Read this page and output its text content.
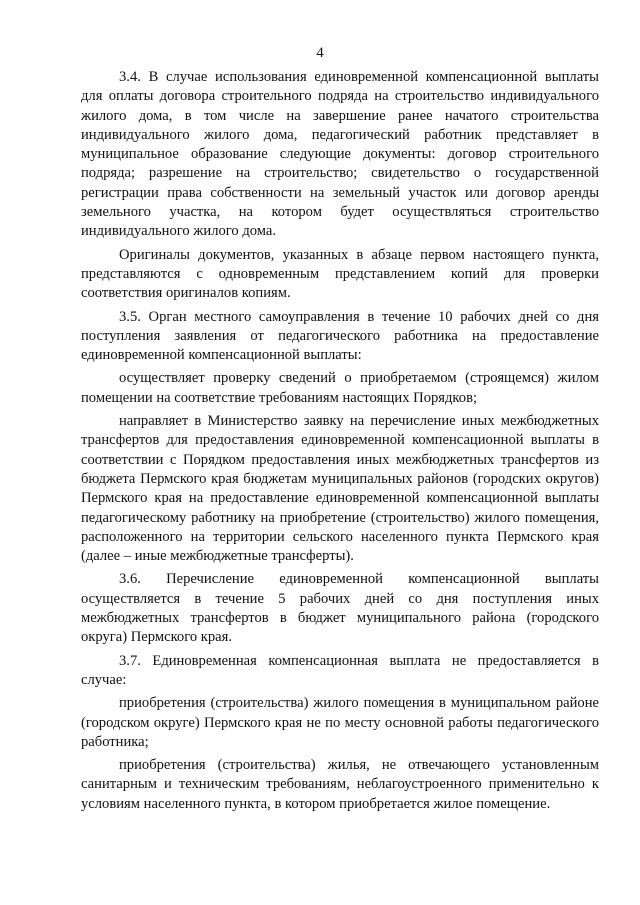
4

3.4. В случае использования единовременной компенсационной выплаты для оплаты договора строительного подряда на строительство индивидуального жилого дома, в том числе на завершение ранее начатого строительства индивидуального жилого дома, педагогический работник представляет в муниципальное образование следующие документы: договор строительного подряда; разрешение на строительство; свидетельство о государственной регистрации права собственности на земельный участок или договор аренды земельного участка, на котором будет осуществляться строительство индивидуального жилого дома.

Оригиналы документов, указанных в абзаце первом настоящего пункта, представляются с одновременным представлением копий для проверки соответствия оригиналов копиям.

3.5. Орган местного самоуправления в течение 10 рабочих дней со дня поступления заявления от педагогического работника на предоставление единовременной компенсационной выплаты:

осуществляет проверку сведений о приобретаемом (строящемся) жилом помещении на соответствие требованиям настоящих Порядков;

направляет в Министерство заявку на перечисление иных межбюджетных трансфертов для предоставления единовременной компенсационной выплаты в соответствии с Порядком предоставления иных межбюджетных трансфертов из бюджета Пермского края бюджетам муниципальных районов (городских округов) Пермского края на предоставление единовременной компенсационной выплаты педагогическому работнику на приобретение (строительство) жилого помещения, расположенного на территории сельского населенного пункта Пермского края (далее – иные межбюджетные трансферты).

3.6. Перечисление единовременной компенсационной выплаты осуществляется в течение 5 рабочих дней со дня поступления иных межбюджетных трансфертов в бюджет муниципального района (городского округа) Пермского края.

3.7. Единовременная компенсационная выплата не предоставляется в случае:

приобретения (строительства) жилого помещения в муниципальном районе (городском округе) Пермского края не по месту основной работы педагогического работника;

приобретения (строительства) жилья, не отвечающего установленным санитарным и техническим требованиям, неблагоустроенного применительно к условиям населенного пункта, в котором приобретается жилое помещение.
